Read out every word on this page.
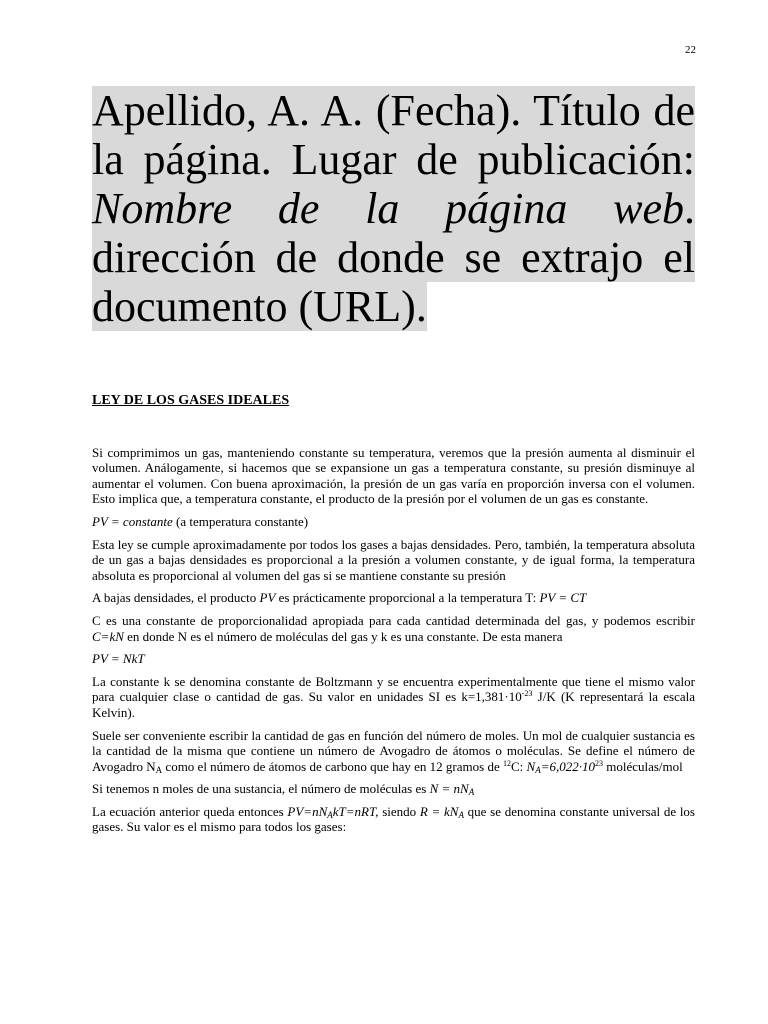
22
Apellido, A. A. (Fecha). Título de la página. Lugar de publicación: Nombre de la página web. dirección de donde se extrajo el documento (URL).
LEY DE LOS GASES IDEALES

Si comprimimos un gas, manteniendo constante su temperatura, veremos que la presión aumenta al disminuir el volumen. Análogamente, si hacemos que se expansione un gas a temperatura constante, su presión disminuye al aumentar el volumen. Con buena aproximación, la presión de un gas varía en proporción inversa con el volumen. Esto implica que, a temperatura constante, el producto de la presión por el volumen de un gas es constante.

PV = constante (a temperatura constante)

Esta ley se cumple aproximadamente por todos los gases a bajas densidades. Pero, también, la temperatura absoluta de un gas a bajas densidades es proporcional a la presión a volumen constante, y de igual forma, la temperatura absoluta es proporcional al volumen del gas si se mantiene constante su presión

A bajas densidades, el producto PV es prácticamente proporcional a la temperatura T: PV = CT

C es una constante de proporcionalidad apropiada para cada cantidad determinada del gas, y podemos escribir C=kN en donde N es el número de moléculas del gas y k es una constante. De esta manera

PV = NkT

La constante k se denomina constante de Boltzmann y se encuentra experimentalmente que tiene el mismo valor para cualquier clase o cantidad de gas. Su valor en unidades SI es $k=1,381\cdot 10^{-23}$ J/K (K representará la escala Kelvin).

Suele ser conveniente escribir la cantidad de gas en función del número de moles. Un mol de cualquier sustancia es la cantidad de la misma que contiene un número de Avogadro de átomos o moléculas. Se define el número de Avogadro $N_A$ como el número de átomos de carbono que hay en 12 gramos de $^{12}$C: $N_A=6,022\cdot 10^{23}$ moléculas/mol

Si tenemos n moles de una sustancia, el número de moléculas es $N = nN_A$

La ecuación anterior queda entonces $PV=nN_AkT=nRT$, siendo $R = kN_A$ que se denomina constante universal de los gases. Su valor es el mismo para todos los gases:
